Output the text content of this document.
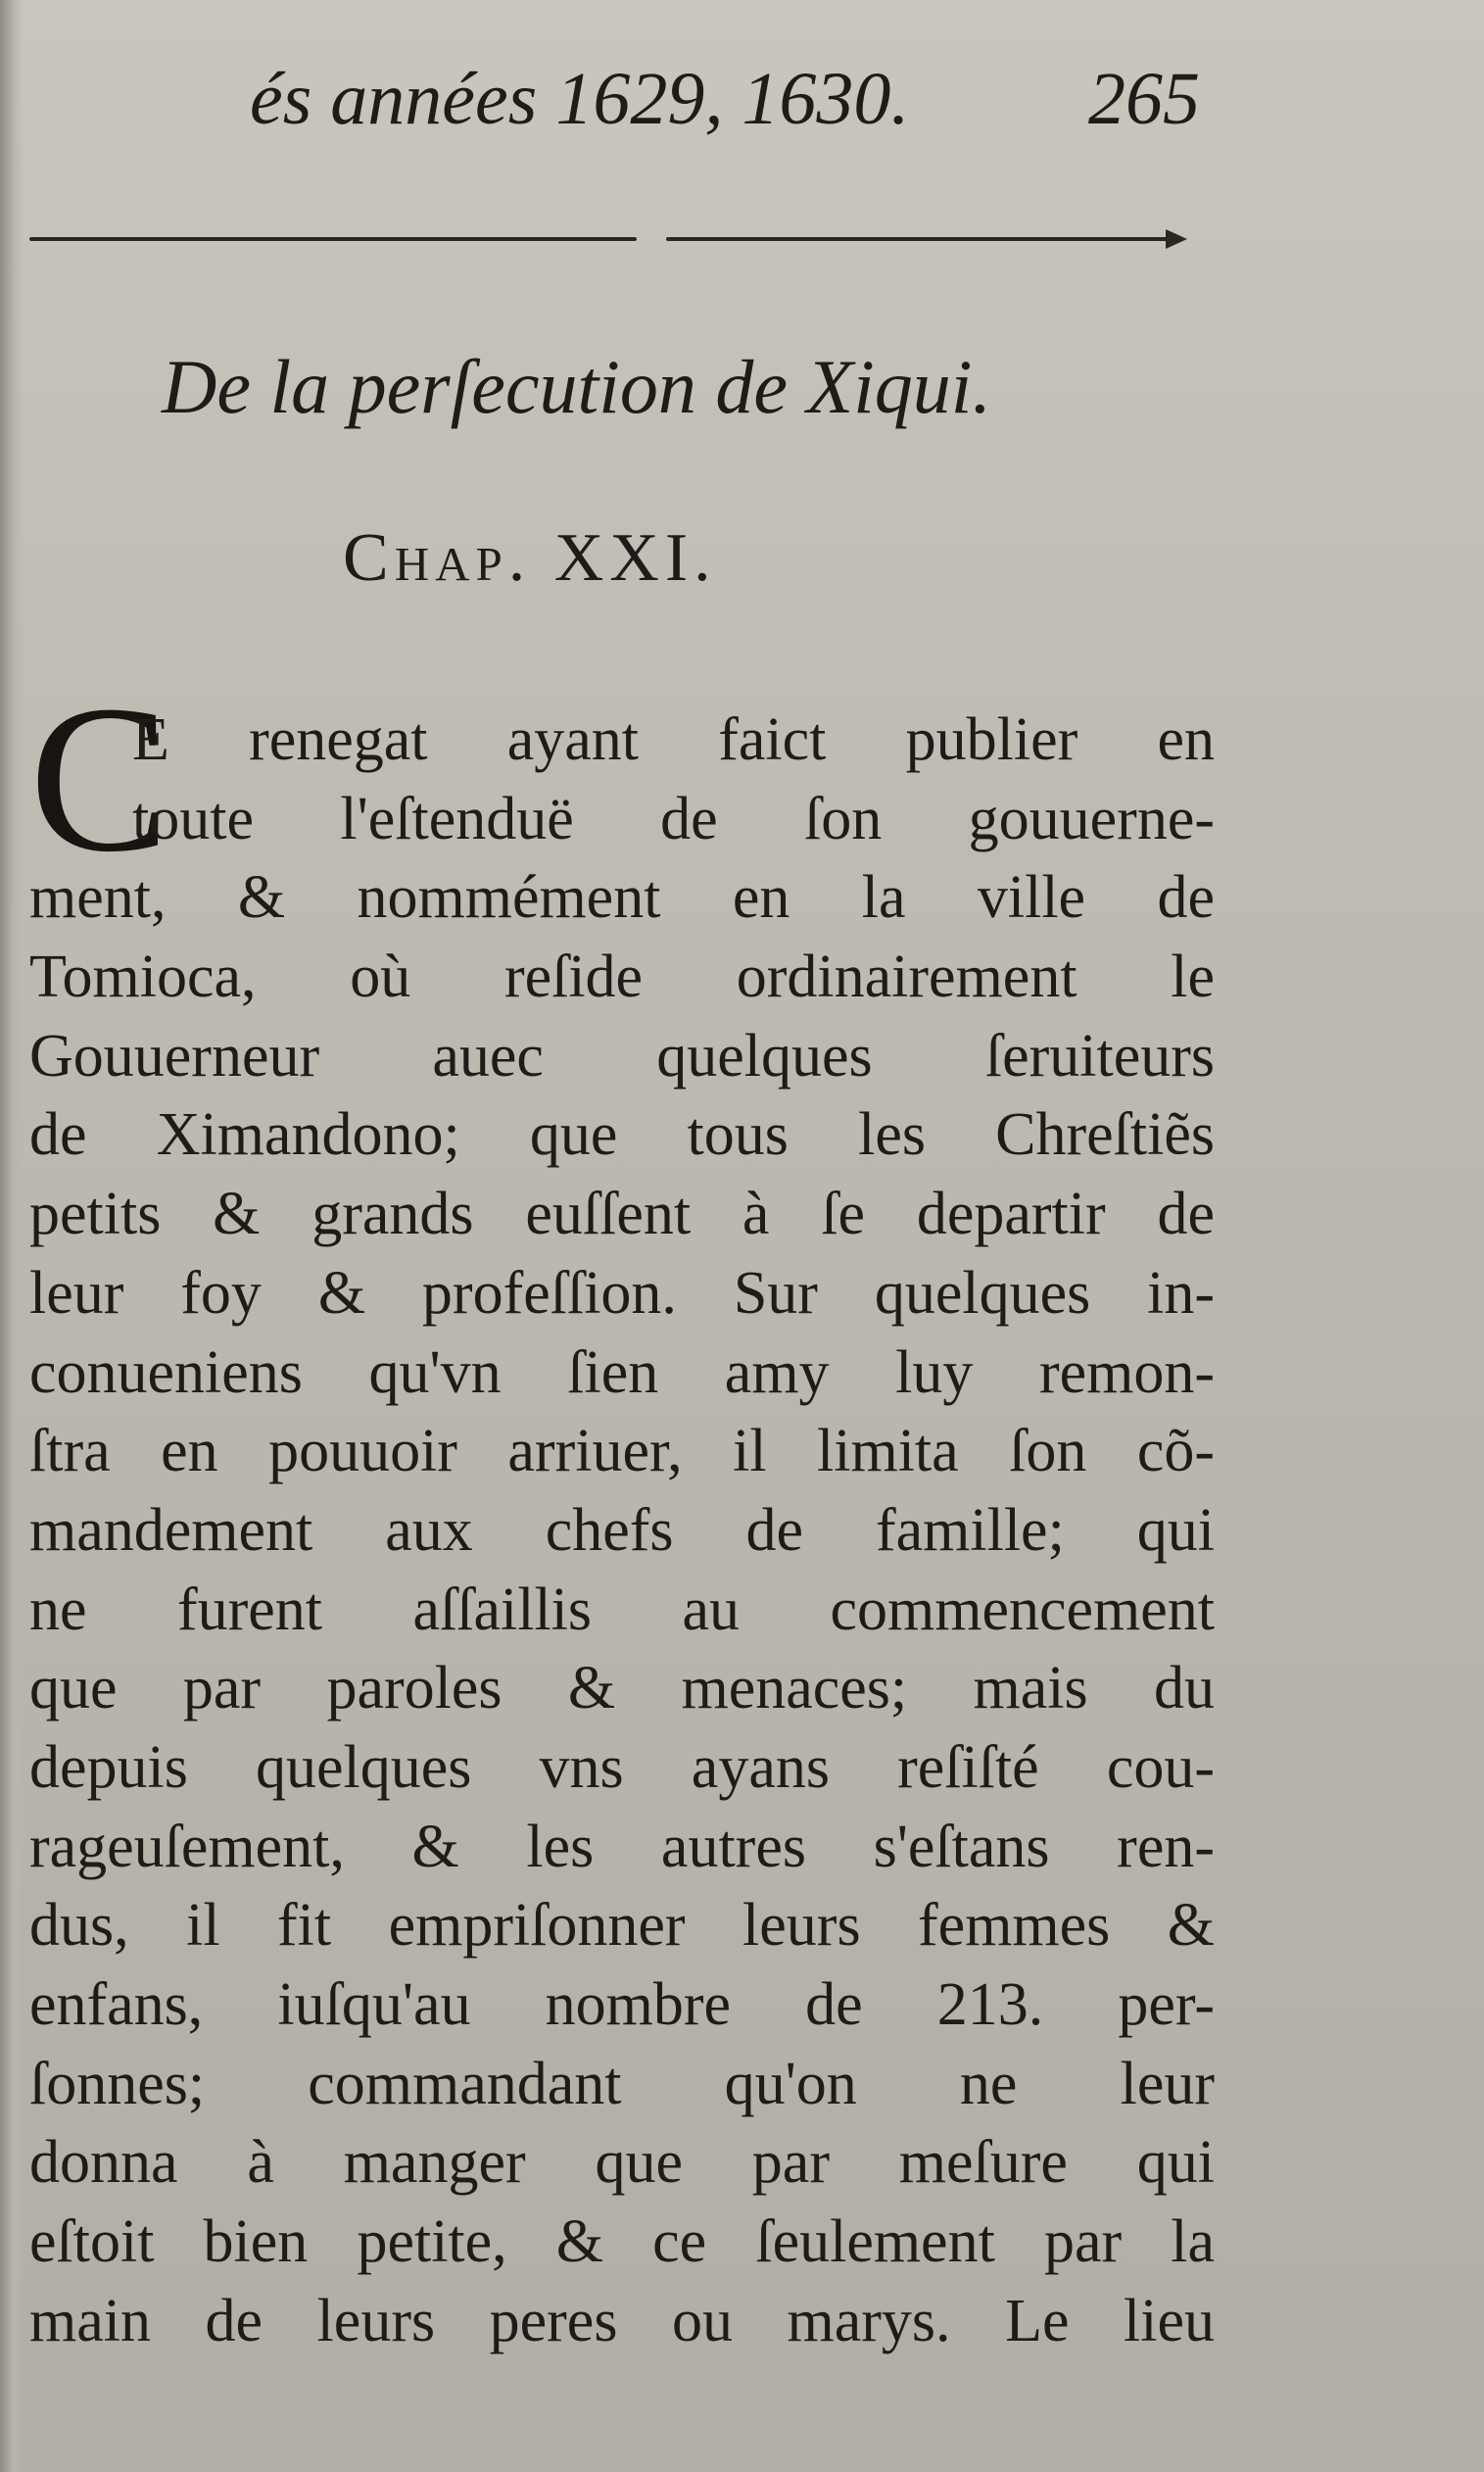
és années 1629, 1630. 265
De la perſecution de Xiqui.
Chap. XXI.
C
E renegat ayant faict publier en
toute l'eſtenduë de ſon gouuerne-
ment, & nommément en la ville de
Tomioca, où reſide ordinairement le
Gouuerneur auec quelques ſeruiteurs
de Ximandono; que tous les Chreſtiẽs
petits & grands euſſent à ſe departir de
leur foy & profeſſion. Sur quelques in-
conueniens qu'vn ſien amy luy remon-
ſtra en pouuoir arriuer, il limita ſon cõ-
mandement aux chefs de famille; qui
ne furent aſſaillis au commencement
que par paroles & menaces; mais du
depuis quelques vns ayans reſiſté cou-
rageuſement, & les autres s'eſtans ren-
dus, il fit empriſonner leurs femmes &
enfans, iuſqu'au nombre de 213. per-
ſonnes; commandant qu'on ne leur
donna à manger que par meſure qui
eſtoit bien petite, & ce ſeulement par la
main de leurs peres ou marys. Le lieu
